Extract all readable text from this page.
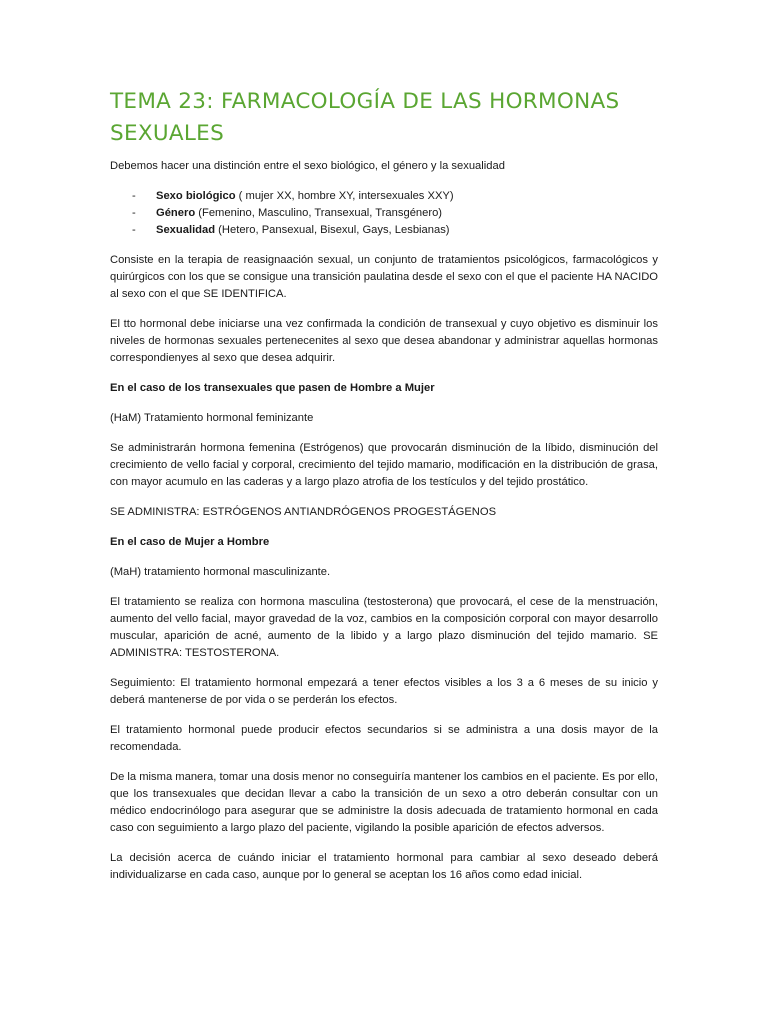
TEMA 23: FARMACOLOGÍA DE LAS HORMONAS SEXUALES

Debemos hacer una distinción entre el sexo biológico, el género y la sexualidad

- Sexo biológico ( mujer XX, hombre XY, intersexuales XXY)
- Género (Femenino, Masculino, Transexual, Transgénero)
- Sexualidad (Hetero, Pansexual, Bisexul, Gays, Lesbianas)

Consiste en la terapia de reasignaación sexual, un conjunto de tratamientos psicológicos, farmacológicos y quirúrgicos con los que se consigue una transición paulatina desde el sexo con el que el paciente HA NACIDO al sexo con el que SE IDENTIFICA.

El tto hormonal debe iniciarse una vez confirmada la condición de transexual y cuyo objetivo es disminuir los niveles de hormonas sexuales pertenecenites al sexo que desea abandonar y administrar aquellas hormonas correspondienyes al sexo que desea adquirir.

En el caso de los transexuales que pasen de Hombre a Mujer

(HaM) Tratamiento hormonal feminizante

Se administrarán hormona femenina (Estrógenos) que provocarán disminución de la líbido, disminución del crecimiento de vello facial y corporal, crecimiento del tejido mamario, modificación en la distribución de grasa, con mayor acumulo en las caderas y a largo plazo atrofia de los testículos y del tejido prostático.

SE ADMINISTRA: ESTRÓGENOS ANTIANDRÓGENOS PROGESTÁGENOS

En el caso de Mujer a Hombre

(MaH) tratamiento hormonal masculinizante.

El tratamiento se realiza con hormona masculina (testosterona) que provocará, el cese de la menstruación, aumento del vello facial, mayor gravedad de la voz, cambios en la composición corporal con mayor desarrollo muscular, aparición de acné, aumento de la libido y a largo plazo disminución del tejido mamario. SE ADMINISTRA: TESTOSTERONA.

Seguimiento: El tratamiento hormonal empezará a tener efectos visibles a los 3 a 6 meses de su inicio y deberá mantenerse de por vida o se perderán los efectos.

El tratamiento hormonal puede producir efectos secundarios si se administra a una dosis mayor de la recomendada.

De la misma manera, tomar una dosis menor no conseguiría mantener los cambios en el paciente. Es por ello, que los transexuales que decidan llevar a cabo la transición de un sexo a otro deberán consultar con un médico endocrinólogo para asegurar que se administre la dosis adecuada de tratamiento hormonal en cada caso con seguimiento a largo plazo del paciente, vigilando la posible aparición de efectos adversos.

La decisión acerca de cuándo iniciar el tratamiento hormonal para cambiar al sexo deseado deberá individualizarse en cada caso, aunque por lo general se aceptan los 16 años como edad inicial.
